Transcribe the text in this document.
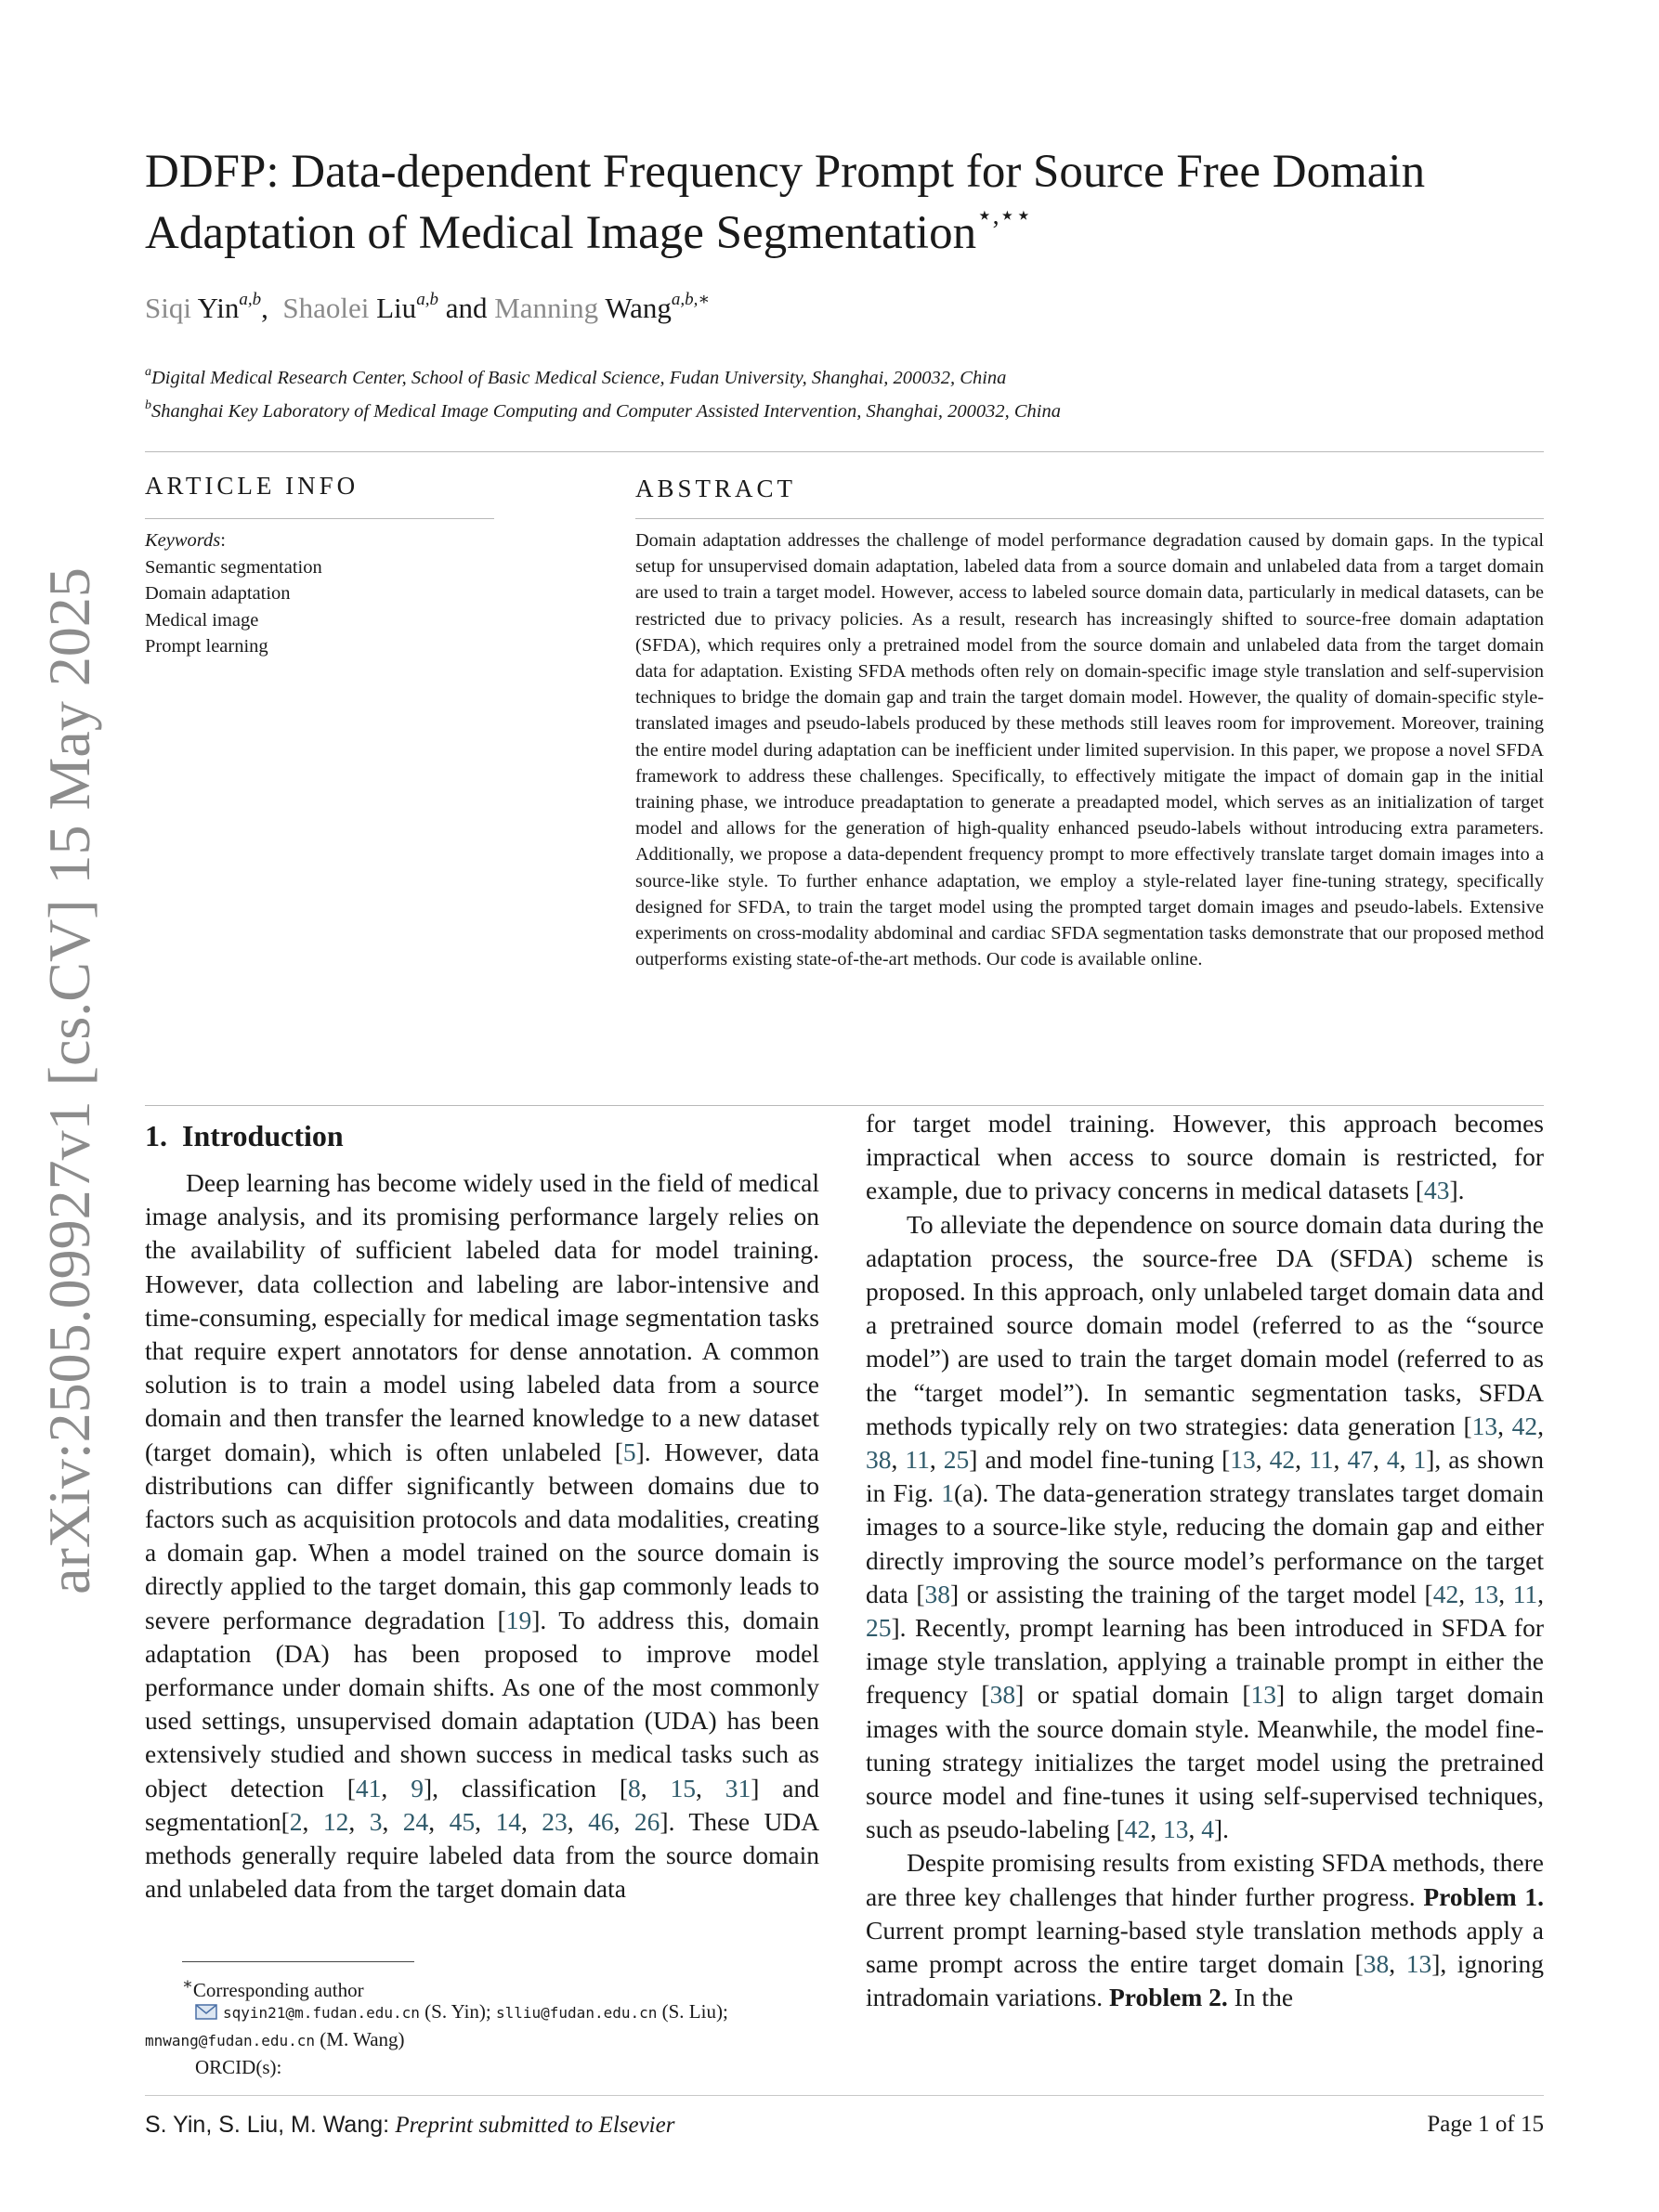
arXiv:2505.09927v1 [cs.CV] 15 May 2025
DDFP: Data-dependent Frequency Prompt for Source Free Domain
Adaptation of Medical Image Segmentation⋆,⋆⋆
Siqi Yin$^{a,b}$, Shaolei Liu$^{a,b}$ and Manning Wang$^{a,b,∗}$
$^a$Digital Medical Research Center, School of Basic Medical Science, Fudan University, Shanghai, 200032, China
$^b$Shanghai Key Laboratory of Medical Image Computing and Computer Assisted Intervention, Shanghai, 200032, China
ARTICLE INFO
Keywords:
Semantic segmentation
Domain adaptation
Medical image
Prompt learning
ABSTRACT
Domain adaptation addresses the challenge of model performance degradation caused by domain gaps. In the typical setup for unsupervised domain adaptation, labeled data from a source domain and unlabeled data from a target domain are used to train a target model. However, access to labeled source domain data, particularly in medical datasets, can be restricted due to privacy policies. As a result, research has increasingly shifted to source-free domain adaptation (SFDA), which requires only a pretrained model from the source domain and unlabeled data from the target domain data for adaptation. Existing SFDA methods often rely on domain-specific image style translation and self-supervision techniques to bridge the domain gap and train the target domain model. However, the quality of domain-specific style-translated images and pseudo-labels produced by these methods still leaves room for improvement. Moreover, training the entire model during adaptation can be inefficient under limited supervision. In this paper, we propose a novel SFDA framework to address these challenges. Specifically, to effectively mitigate the impact of domain gap in the initial training phase, we introduce preadaptation to generate a preadapted model, which serves as an initialization of target model and allows for the generation of high-quality enhanced pseudo-labels without introducing extra parameters. Additionally, we propose a data-dependent frequency prompt to more effectively translate target domain images into a source-like style. To further enhance adaptation, we employ a style-related layer fine-tuning strategy, specifically designed for SFDA, to train the target model using the prompted target domain images and pseudo-labels. Extensive experiments on cross-modality abdominal and cardiac SFDA segmentation tasks demonstrate that our proposed method outperforms existing state-of-the-art methods. Our code is available online.
1. Introduction

Deep learning has become widely used in the field of medical image analysis, and its promising performance largely relies on the availability of sufficient labeled data for model training. However, data collection and labeling are labor-intensive and time-consuming, especially for medical image segmentation tasks that require expert annotators for dense annotation. A common solution is to train a model using labeled data from a source domain and then transfer the learned knowledge to a new dataset (target domain), which is often unlabeled [5]. However, data distributions can differ significantly between domains due to factors such as acquisition protocols and data modalities, creating a domain gap. When a model trained on the source domain is directly applied to the target domain, this gap commonly leads to severe performance degradation [19]. To address this, domain adaptation (DA) has been proposed to improve model performance under domain shifts. As one of the most commonly used settings, unsupervised domain adaptation (UDA) has been extensively studied and shown success in medical tasks such as object detection [41, 9], classification [8, 15, 31] and segmentation[2, 12, 3, 24, 45, 14, 23, 46, 26]. These UDA methods generally require labeled data from the source domain and unlabeled data from the target domain data

for target model training. However, this approach becomes impractical when access to source domain is restricted, for example, due to privacy concerns in medical datasets [43].

To alleviate the dependence on source domain data during the adaptation process, the source-free DA (SFDA) scheme is proposed. In this approach, only unlabeled target domain data and a pretrained source domain model (referred to as the “source model”) are used to train the target domain model (referred to as the “target model”). In semantic segmentation tasks, SFDA methods typically rely on two strategies: data generation [13, 42, 38, 11, 25] and model fine-tuning [13, 42, 11, 47, 4, 1], as shown in Fig. 1(a). The data-generation strategy translates target domain images to a source-like style, reducing the domain gap and either directly improving the source model’s performance on the target data [38] or assisting the training of the target model [42, 13, 11, 25]. Recently, prompt learning has been introduced in SFDA for image style translation, applying a trainable prompt in either the frequency [38] or spatial domain [13] to align target domain images with the source domain style. Meanwhile, the model fine-tuning strategy initializes the target model using the pretrained source model and fine-tunes it using self-supervised techniques, such as pseudo-labeling [42, 13, 4].

Despite promising results from existing SFDA methods, there are three key challenges that hinder further progress. Problem 1. Current prompt learning-based style translation methods apply a same prompt across the entire target domain [38, 13], ignoring intradomain variations. Problem 2. In the

∗Corresponding author
sqyin21@m.fudan.edu.cn (S. Yin); slliu@fudan.edu.cn (S. Liu);
mnwang@fudan.edu.cn (M. Wang)
ORCID(s):
S. Yin, S. Liu, M. Wang: Preprint submitted to Elsevier	Page 1 of 15
